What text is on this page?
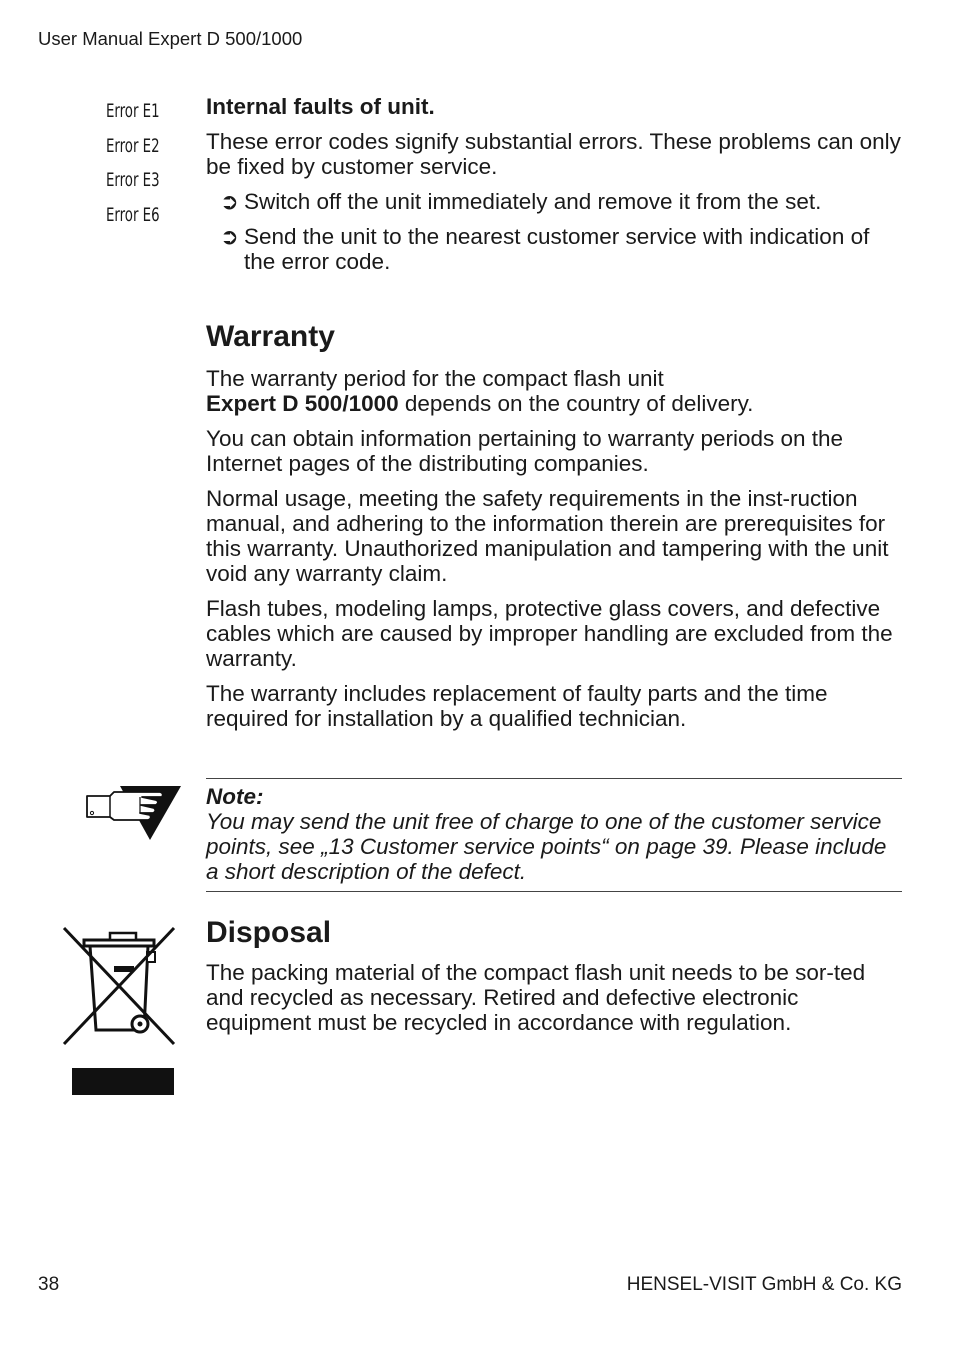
User Manual Expert D 500/1000
Error E1
Error E2
Error E3
Error E6

Internal faults of unit.

These error codes signify substantial errors. These problems can only be fixed by customer service.

➲ Switch off the unit immediately and remove it from the set.
➲ Send the unit to the nearest customer service with indication of the error code.

Warranty

The warranty period for the compact flash unit
Expert D 500/1000 depends on the country of delivery.

You can obtain information pertaining to warranty periods on the Internet pages of the distributing companies.

Normal usage, meeting the safety requirements in the inst-ruction manual, and adhering to the information therein are prerequisites for this warranty. Unauthorized manipulation and tampering with the unit void any warranty claim.

Flash tubes, modeling lamps, protective glass covers, and defective cables which are caused by improper handling are excluded from the warranty.

The warranty includes replacement of faulty parts and the time required for installation by a qualified technician.

Note:
You may send the unit free of charge to one of the customer service points, see „13 Customer service points“ on page 39. Please include a short description of the defect.

Disposal

The packing material of the compact flash unit needs to be sor-ted and recycled as necessary. Retired and defective electronic equipment must be recycled in accordance with regulation.

38	HENSEL-VISIT GmbH & Co. KG
